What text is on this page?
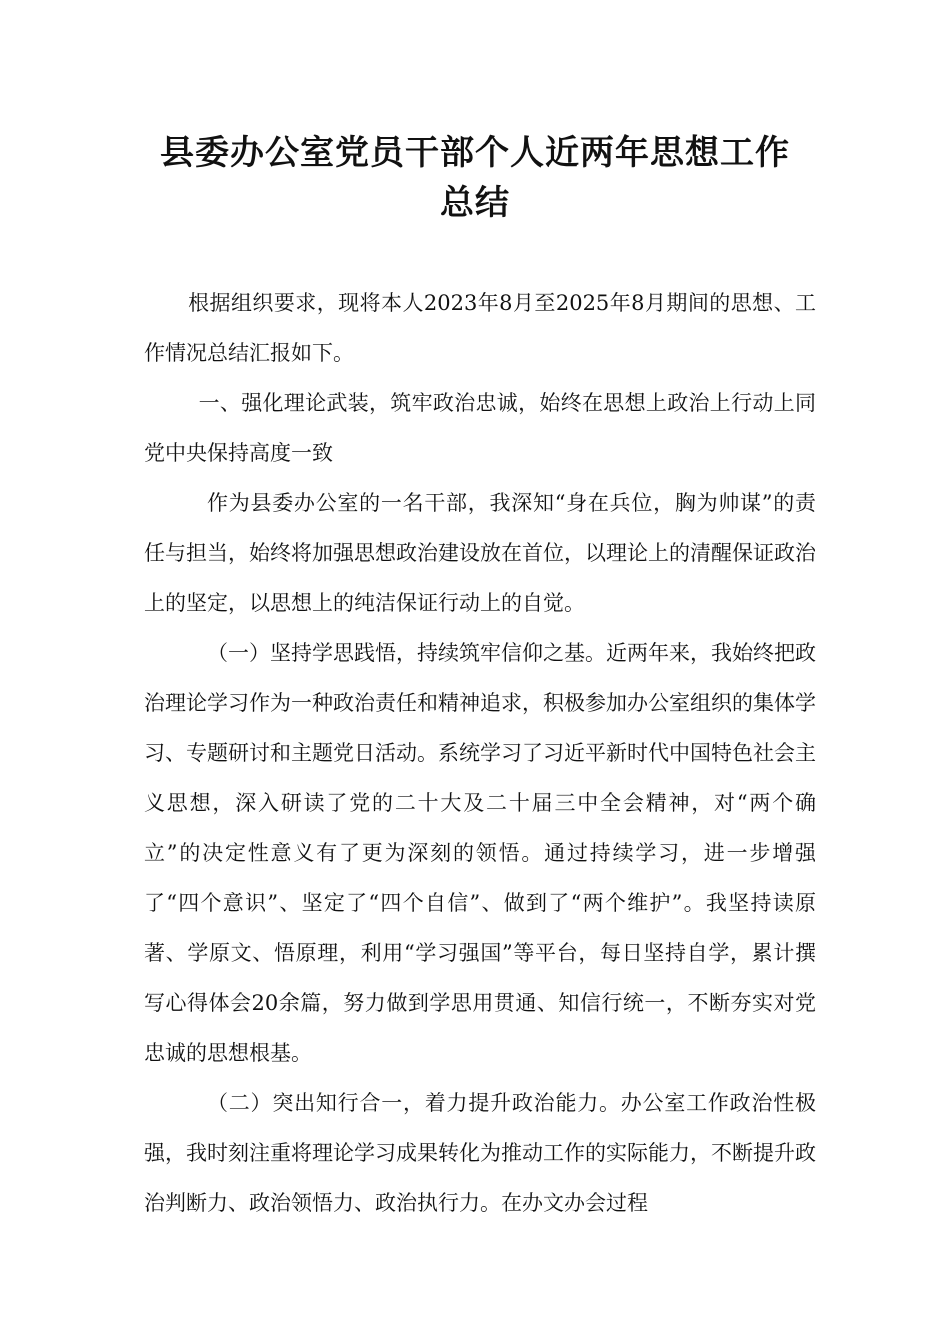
县委办公室党员干部个人近两年思想工作
总结

根据组织要求，现将本人2023年8月至2025年8月期间的思想、工作情况总结汇报如下。

一、强化理论武装，筑牢政治忠诚，始终在思想上政治上行动上同党中央保持高度一致

作为县委办公室的一名干部，我深知“身在兵位，胸为帅谋”的责任与担当，始终将加强思想政治建设放在首位，以理论上的清醒保证政治上的坚定，以思想上的纯洁保证行动上的自觉。

（一）坚持学思践悟，持续筑牢信仰之基。近两年来，我始终把政治理论学习作为一种政治责任和精神追求，积极参加办公室组织的集体学习、专题研讨和主题党日活动。系统学习了习近平新时代中国特色社会主义思想，深入研读了党的二十大及二十届三中全会精神，对“两个确立”的决定性意义有了更为深刻的领悟。通过持续学习，进一步增强了“四个意识”、坚定了“四个自信”、做到了“两个维护”。我坚持读原著、学原文、悟原理，利用“学习强国”等平台，每日坚持自学，累计撰写心得体会20余篇，努力做到学思用贯通、知信行统一，不断夯实对党忠诚的思想根基。

（二）突出知行合一，着力提升政治能力。办公室工作政治性极强，我时刻注重将理论学习成果转化为推动工作的实际能力，不断提升政治判断力、政治领悟力、政治执行力。在办文办会过程
